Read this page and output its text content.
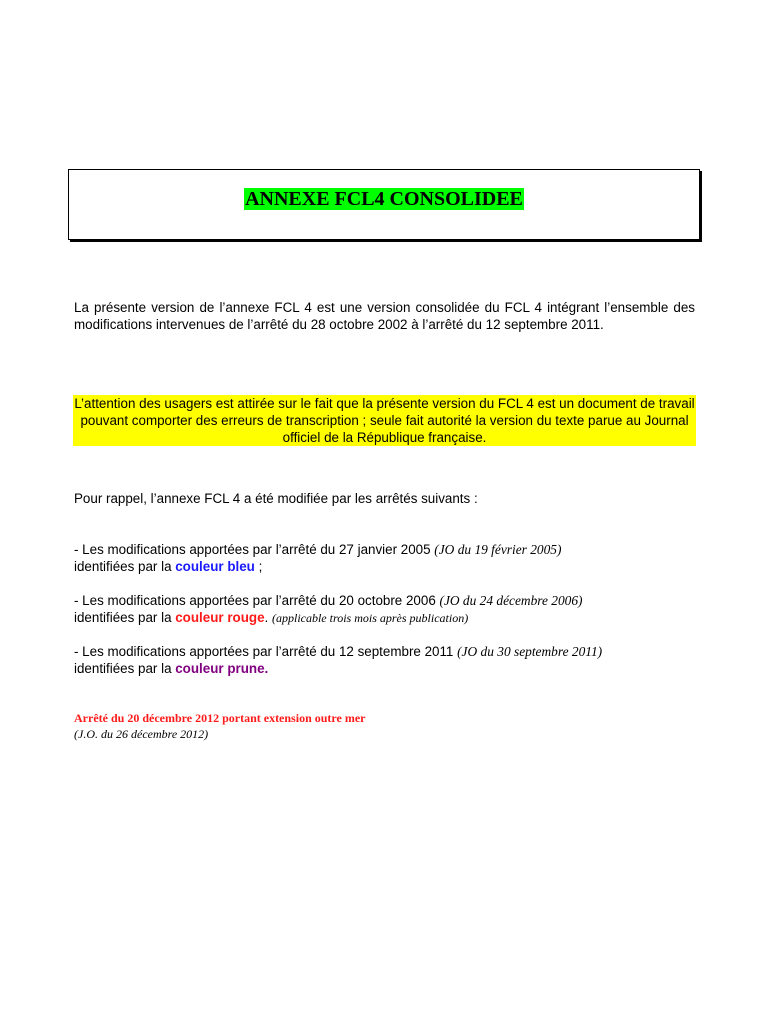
ANNEXE FCL4 CONSOLIDEE
La présente version de l’annexe FCL 4 est une version consolidée du FCL 4 intégrant l’ensemble des modifications intervenues de l’arrêté du 28 octobre 2002 à l’arrêté du 12 septembre 2011.
L’attention des usagers est attirée sur le fait que la présente version du FCL 4 est un document de travail pouvant comporter des erreurs de transcription ; seule fait autorité la version du texte parue au Journal officiel de la République française.
Pour rappel, l’annexe FCL 4 a été modifiée par les arrêtés suivants :
- Les modifications apportées par l’arrêté du 27 janvier 2005 (JO du 19 février 2005)
identifiées par la couleur bleu ;
- Les modifications apportées par l’arrêté du 20 octobre 2006 (JO du 24 décembre 2006)
identifiées par la couleur rouge. (applicable trois mois après publication)
- Les modifications apportées par l’arrêté du 12 septembre 2011 (JO du 30 septembre 2011)
identifiées par la couleur prune.
Arrêté du 20 décembre 2012 portant extension outre mer
(J.O. du 26 décembre 2012)
